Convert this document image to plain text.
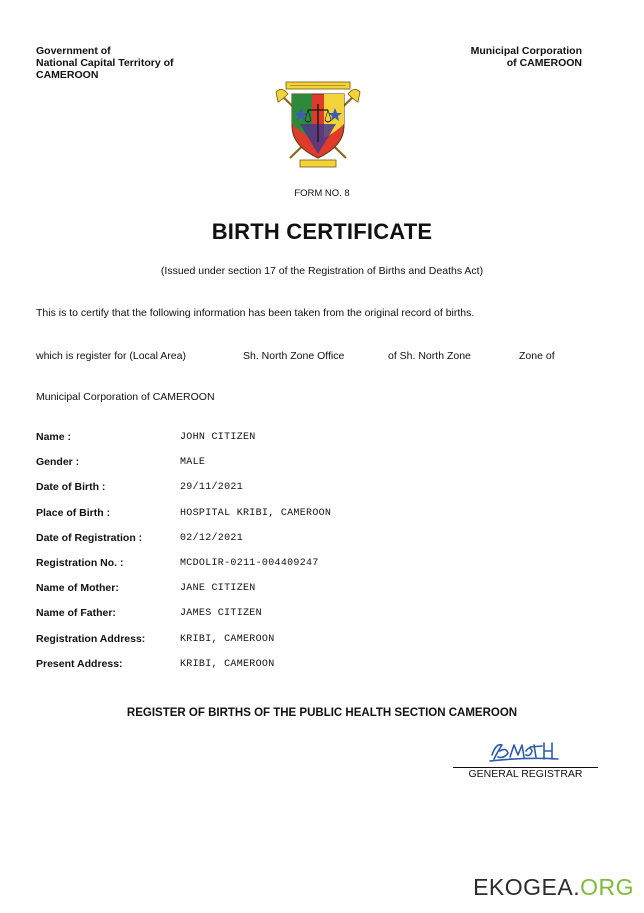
Government of
National Capital Territory of
CAMEROON
Municipal Corporation
of CAMEROON
FORM NO. 8
BIRTH CERTIFICATE
(Issued under section 17 of the Registration of Births and Deaths Act)
This is to certify that the following information has been taken from the original record of births.
which is register for (Local Area)	Sh. North Zone Office	of Sh. North Zone	Zone of
Municipal Corporation of CAMEROON
Name :	JOHN CITIZEN
Gender :	MALE
Date of Birth :	29/11/2021
Place of Birth :	HOSPITAL KRIBI, CAMEROON
Date of Registration :	02/12/2021
Registration No. :	MCDOLIR-0211-004409247
Name of Mother:	JANE CITIZEN
Name of Father:	JAMES CITIZEN
Registration Address:	KRIBI, CAMEROON
Present Address:	KRIBI, CAMEROON
REGISTER OF BIRTHS OF THE PUBLIC HEALTH SECTION CAMEROON
GENERAL REGISTRAR
EKOGEA.ORG
